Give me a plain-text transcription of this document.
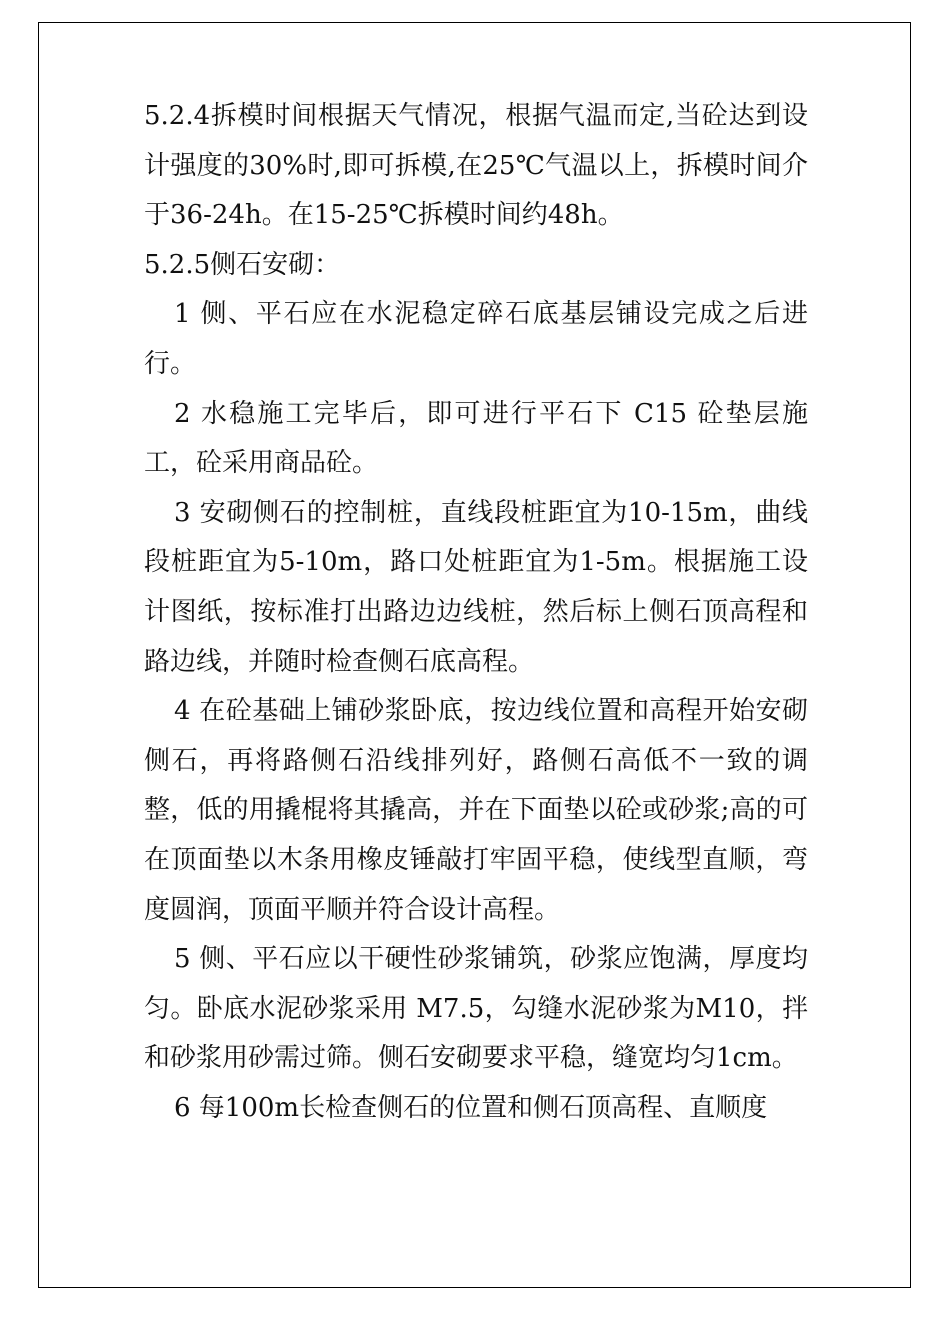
5.2.4拆模时间根据天气情况，根据气温而定,当砼达到设计强度的30%时,即可拆模,在25℃气温以上，拆模时间介于36-24h。在15-25℃拆模时间约48h。

5.2.5侧石安砌：

1 侧、平石应在水泥稳定碎石底基层铺设完成之后进行。

2 水稳施工完毕后，即可进行平石下 C15 砼垫层施工，砼采用商品砼。

3 安砌侧石的控制桩，直线段桩距宜为10-15m，曲线段桩距宜为5-10m，路口处桩距宜为1-5m。根据施工设计图纸，按标准打出路边边线桩，然后标上侧石顶高程和路边线，并随时检查侧石底高程。

4 在砼基础上铺砂浆卧底，按边线位置和高程开始安砌侧石，再将路侧石沿线排列好，路侧石高低不一致的调整，低的用撬棍将其撬高，并在下面垫以砼或砂浆;高的可在顶面垫以木条用橡皮锤敲打牢固平稳，使线型直顺，弯度圆润，顶面平顺并符合设计高程。

5 侧、平石应以干硬性砂浆铺筑，砂浆应饱满，厚度均匀。卧底水泥砂浆采用 M7.5，勾缝水泥砂浆为M10，拌和砂浆用砂需过筛。侧石安砌要求平稳，缝宽均匀1cm。

6 每100m长检查侧石的位置和侧石顶高程、直顺度
